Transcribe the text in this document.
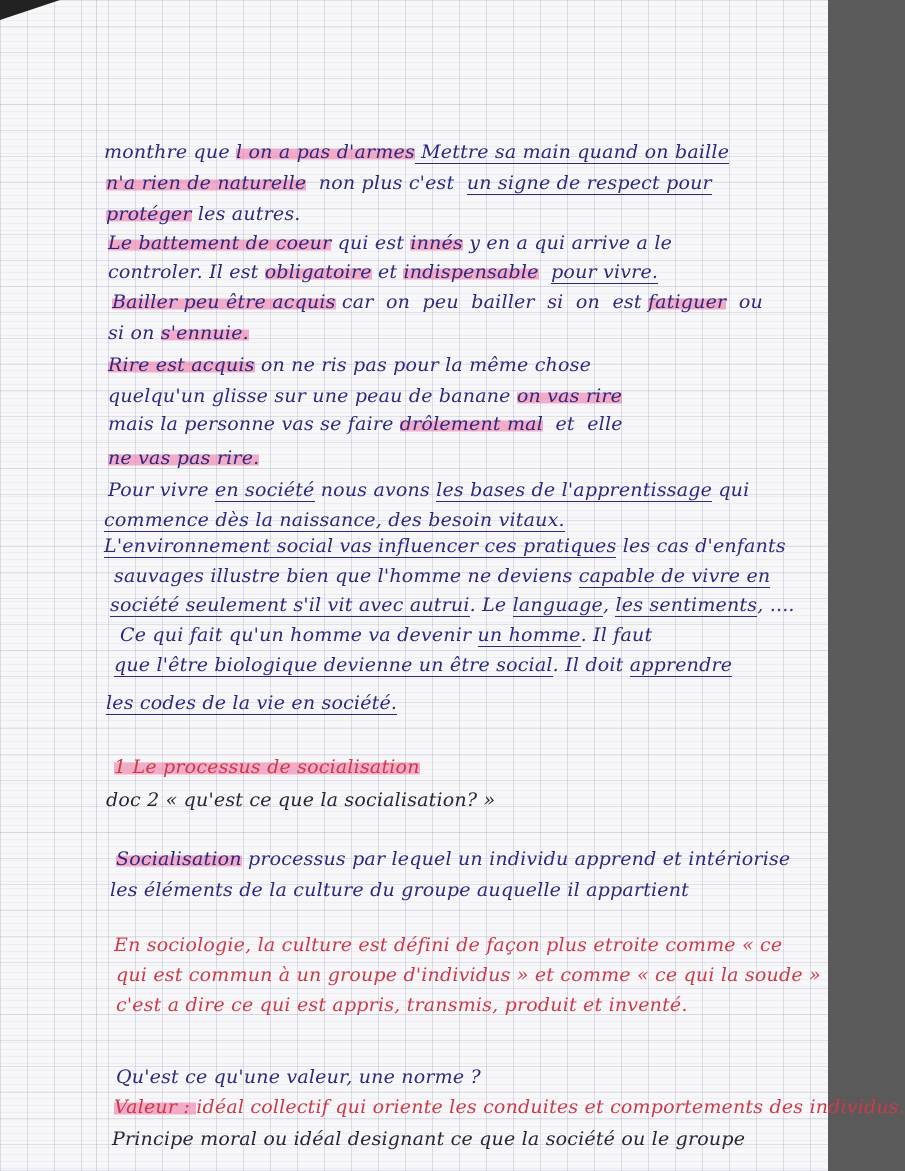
monthre que l on a pas d'armes Mettre sa main quand on baille
n'a rien de naturelle  non plus c'est  un signe de respect pour
protéger les autres.
Le battement de coeur qui est innés y en a qui arrive a le
controler. Il est obligatoire et indispensable pour vivre.
Bailler peu être acquis car  on  peu  bailler  si  on  est fatiguer  ou
si on s'ennuie.
Rire est acquis on ne ris pas pour la même chose
quelqu'un glisse sur une peau de banane on vas rire
mais la personne vas se faire drôlement mal  et  elle
ne vas pas rire.
Pour vivre en société nous avons les bases de l'apprentissage qui
commence dès la naissance, des besoin vitaux.
L'environnement social vas influencer ces pratiques les cas d'enfants
sauvages illustre bien que l'homme ne deviens capable de vivre en
société seulement s'il vit avec autrui. Le language, les sentiments, ....
Ce qui fait qu'un homme va devenir un homme. Il faut
que l'être biologique devienne un être social. Il doit apprendre
les codes de la vie en société.
1 Le processus de socialisation
doc 2 « qu'est ce que la socialisation? »
Socialisation processus par lequel un individu apprend et intériorise
les éléments de la culture du groupe auquelle il appartient
En sociologie, la culture est défini de façon plus etroite comme « ce
qui est commun à un groupe d'individus » et comme « ce qui la soude »
c'est a dire ce qui est appris, transmis, produit et inventé.
Qu'est ce qu'une valeur, une norme ?
Valeur : idéal collectif qui oriente les conduites et comportements des individus.
Principe moral ou idéal designant ce que la société ou le groupe
